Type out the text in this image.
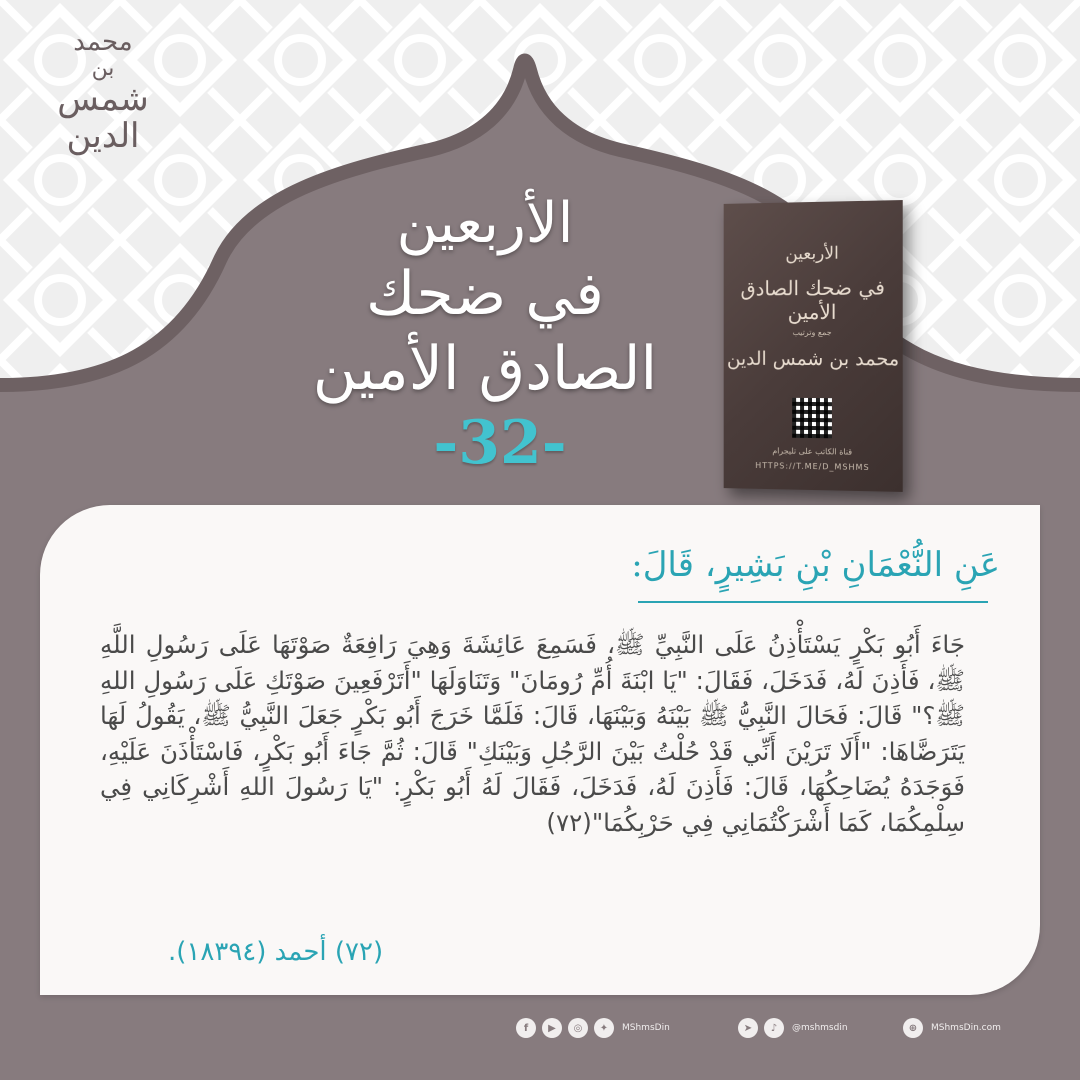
محمد
بن
شمس الدين
الأربعين
في ضحك الصادق الأمين
-32-
الأربعين
في ضحك الصادق الأمين
جمع وترتيب
محمد بن شمس الدين
قناة الكاتب على تليجرام
HTTPS://T.ME/D_MSHMS
عَنِ النُّعْمَانِ بْنِ بَشِيرٍ، قَالَ:
جَاءَ أَبُو بَكْرٍ يَسْتَأْذِنُ عَلَى النَّبِيِّ ﷺ، فَسَمِعَ عَائِشَةَ وَهِيَ رَافِعَةٌ صَوْتَهَا عَلَى رَسُولِ اللَّهِ ﷺ، فَأَذِنَ لَهُ، فَدَخَلَ، فَقَالَ: "يَا ابْنَةَ أُمِّ رُومَانَ" وَتَنَاوَلَهَا "أَتَرْفَعِينَ صَوْتَكِ عَلَى رَسُولِ اللهِ ﷺ؟" قَالَ: فَحَالَ النَّبِيُّ ﷺ بَيْنَهُ وَبَيْنَهَا، قَالَ: فَلَمَّا خَرَجَ أَبُو بَكْرٍ جَعَلَ النَّبِيُّ ﷺ، يَقُولُ لَهَا يَتَرَضَّاهَا: "أَلَا تَرَيْنَ أَنِّي قَدْ حُلْتُ بَيْنَ الرَّجُلِ وَبَيْنَكِ" قَالَ: ثُمَّ جَاءَ أَبُو بَكْرٍ، فَاسْتَأْذَنَ عَلَيْهِ، فَوَجَدَهُ يُضَاحِكُهَا، قَالَ: فَأَذِنَ لَهُ، فَدَخَلَ، فَقَالَ لَهُ أَبُو بَكْرٍ: "يَا رَسُولَ اللهِ أَشْرِكَانِي فِي سِلْمِكُمَا، كَمَا أَشْرَكْتُمَانِي فِي حَرْبِكُمَا"(٧٢)
(٧٢) أحمد (١٨٣٩٤).
f	▶	◎	✦	MShmsDin	➤	♪	@mshmsdin	⊕	MShmsDin.com
